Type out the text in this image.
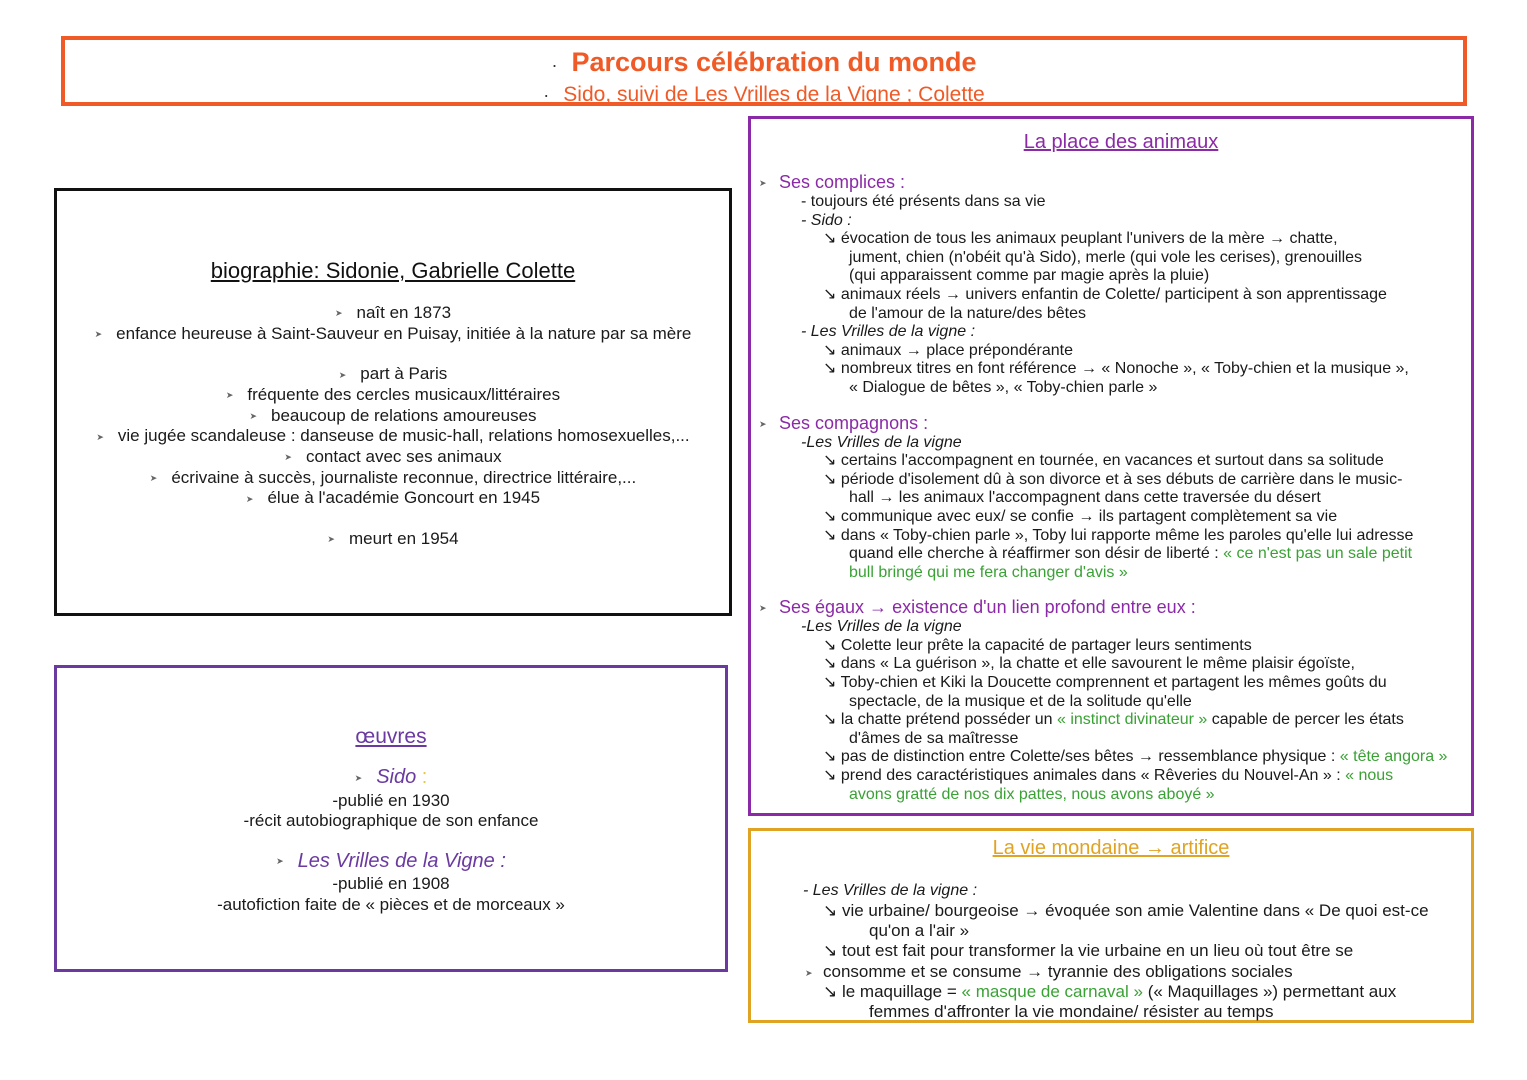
· Parcours célébration du monde
· Sido, suivi de Les Vrilles de la Vigne ; Colette
biographie: Sidonie, Gabrielle Colette
➤ naît en 1873
➤ enfance heureuse à Saint-Sauveur en Puisay, initiée à la nature par sa mère
➤ part à Paris
➤ fréquente des cercles musicaux/littéraires
➤ beaucoup de relations amoureuses
➤ vie jugée scandaleuse : danseuse de music-hall, relations homosexuelles,...
➤ contact avec ses animaux
➤ écrivaine à succès, journaliste reconnue, directrice littéraire,...
➤ élue à l'académie Goncourt en 1945
➤ meurt en 1954
œuvres
➤ Sido :
-publié en 1930
-récit autobiographique de son enfance
➤ Les Vrilles de la Vigne :
-publié en 1908
-autofiction faite de « pièces et de morceaux »
La place des animaux
➤ Ses complices :
- toujours été présents dans sa vie
- Sido :
↘ évocation de tous les animaux peuplant l'univers de la mère → chatte,
jument, chien (n'obéit qu'à Sido), merle (qui vole les cerises), grenouilles
(qui apparaissent comme par magie après la pluie)
↘ animaux réels → univers enfantin de Colette/ participent à son apprentissage
de l'amour de la nature/des bêtes
- Les Vrilles de la vigne :
↘ animaux → place prépondérante
↘ nombreux titres en font référence → « Nonoche », « Toby-chien et la musique »,
« Dialogue de bêtes », « Toby-chien parle »
➤ Ses compagnons :
-Les Vrilles de la vigne
↘ certains l'accompagnent en tournée, en vacances et surtout dans sa solitude
↘ période d'isolement dû à son divorce et à ses débuts de carrière dans le music-
hall → les animaux l'accompagnent dans cette traversée du désert
↘ communique avec eux/ se confie → ils partagent complètement sa vie
↘ dans « Toby-chien parle », Toby lui rapporte même les paroles qu'elle lui adresse
quand elle cherche à réaffirmer son désir de liberté : « ce n'est pas un sale petit
bull bringé qui me fera changer d'avis »
➤ Ses égaux → existence d'un lien profond entre eux :
-Les Vrilles de la vigne
↘ Colette leur prête la capacité de partager leurs sentiments
↘ dans « La guérison », la chatte et elle savourent le même plaisir égoïste,
↘ Toby-chien et Kiki la Doucette comprennent et partagent les mêmes goûts du
spectacle, de la musique et de la solitude qu'elle
↘ la chatte prétend posséder un « instinct divinateur » capable de percer les états
d'âmes de sa maîtresse
↘ pas de distinction entre Colette/ses bêtes → ressemblance physique : « tête angora »
↘ prend des caractéristiques animales dans « Rêveries du Nouvel-An » : « nous
avons gratté de nos dix pattes, nous avons aboyé »
La vie mondaine → artifice
- Les Vrilles de la vigne :
↘ vie urbaine/ bourgeoise → évoquée son amie Valentine dans « De quoi est-ce
qu'on a l'air »
↘ tout est fait pour transformer la vie urbaine en un lieu où tout être se
➤ consomme et se consume → tyrannie des obligations sociales
↘ le maquillage = « masque de carnaval » (« Maquillages ») permettant aux
femmes d'affronter la vie mondaine/ résister au temps
